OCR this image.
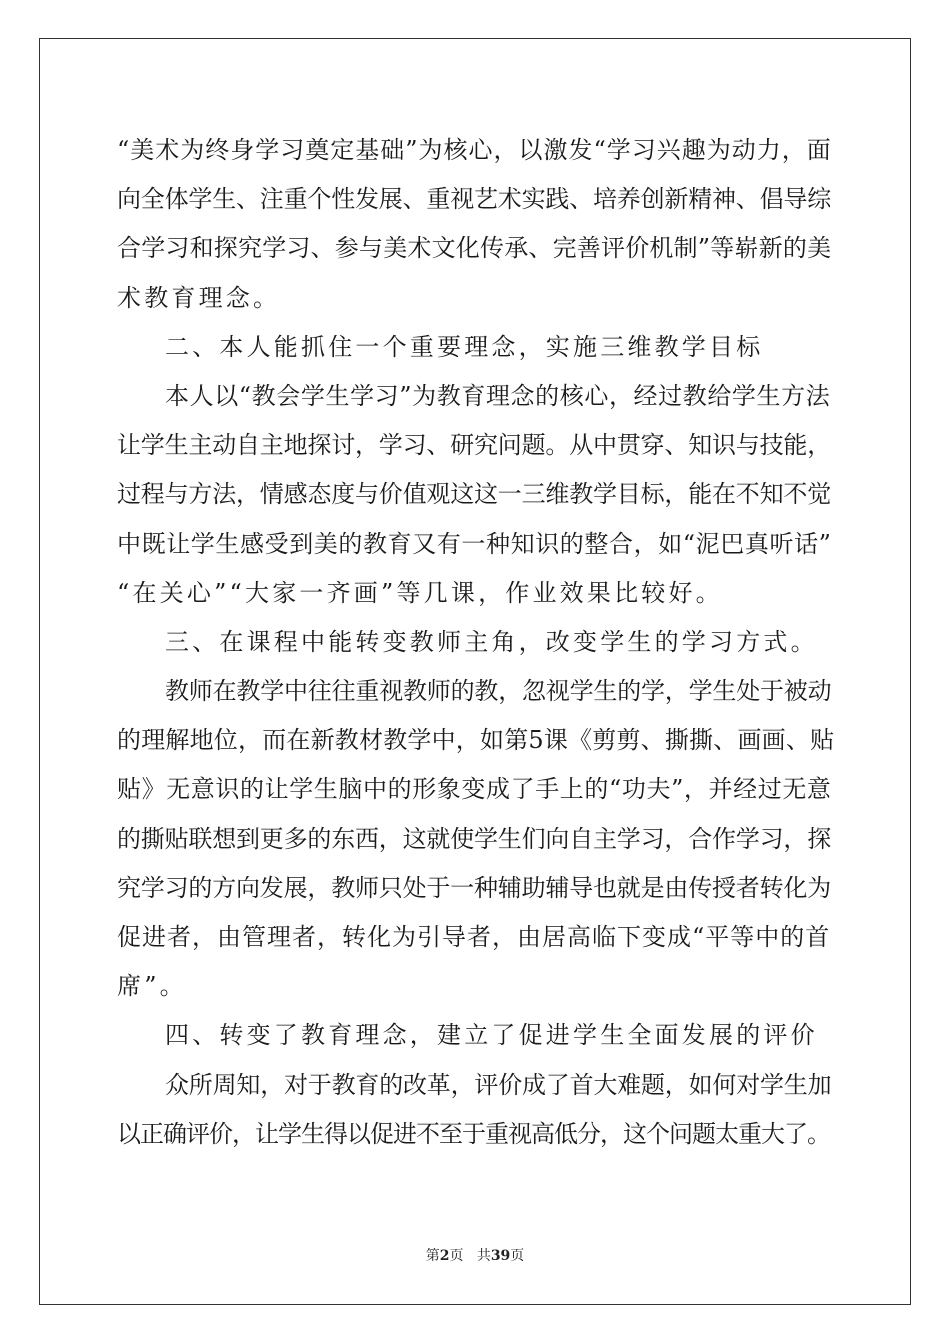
“美术为终身学习奠定基础”为核心，以激发“学习兴趣为动力，面
向全体学生、注重个性发展、重视艺术实践、培养创新精神、倡导综
合学习和探究学习、参与美术文化传承、完善评价机制”等崭新的美
术教育理念。
二、本人能抓住一个重要理念，实施三维教学目标
本人以“教会学生学习”为教育理念的核心，经过教给学生方法
让学生主动自主地探讨，学习、研究问题。从中贯穿、知识与技能，
过程与方法，情感态度与价值观这这一三维教学目标，能在不知不觉
中既让学生感受到美的教育又有一种知识的整合，如“泥巴真听话”
“在关心”“大家一齐画”等几课，作业效果比较好。
三、在课程中能转变教师主角，改变学生的学习方式。
教师在教学中往往重视教师的教，忽视学生的学，学生处于被动
的理解地位，而在新教材教学中，如第5课《剪剪、撕撕、画画、贴
贴》无意识的让学生脑中的形象变成了手上的“功夫”，并经过无意
的撕贴联想到更多的东西，这就使学生们向自主学习，合作学习，探
究学习的方向发展，教师只处于一种辅助辅导也就是由传授者转化为
促进者，由管理者，转化为引导者，由居高临下变成“平等中的首
席”。
四、转变了教育理念，建立了促进学生全面发展的评价
众所周知，对于教育的改革，评价成了首大难题，如何对学生加
以正确评价，让学生得以促进不至于重视高低分，这个问题太重大了。
第2页 共39页
